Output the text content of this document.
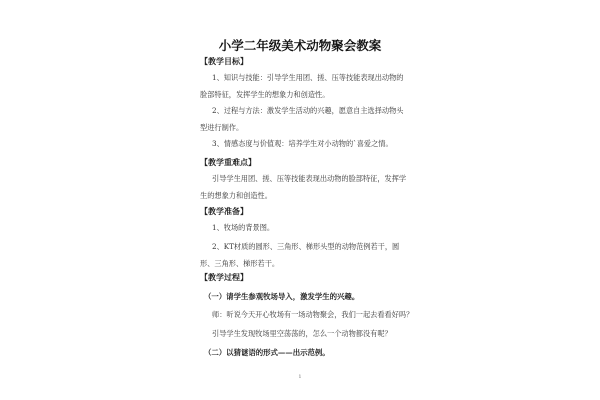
小学二年级美术动物聚会教案
【教学目标】
1、知识与技能：引导学生用团、搓、压等技能表现出动物的脸部特征，发挥学生的想象力和创造性。
2、过程与方法：激发学生活动的兴趣，愿意自主选择动物头型进行制作。
3、情感态度与价值观：培养学生对小动物的`喜爱之情。
【教学重难点】
引导学生用团、搓、压等技能表现出动物的脸部特征，发挥学生的想象力和创造性。
【教学准备】
1、牧场的背景图。
2、KT材质的圆形、三角形、梯形头型的动物范例若干，圆形、三角形、梯形若干。
【教学过程】
（一）请学生参观牧场导入，激发学生的兴趣。
师：听说今天开心牧场有一场动物聚会，我们一起去看看好吗？
引导学生发现牧场里空荡荡的，怎么一个动物都没有呢？
（二）以猜谜语的形式——出示范例。
1
